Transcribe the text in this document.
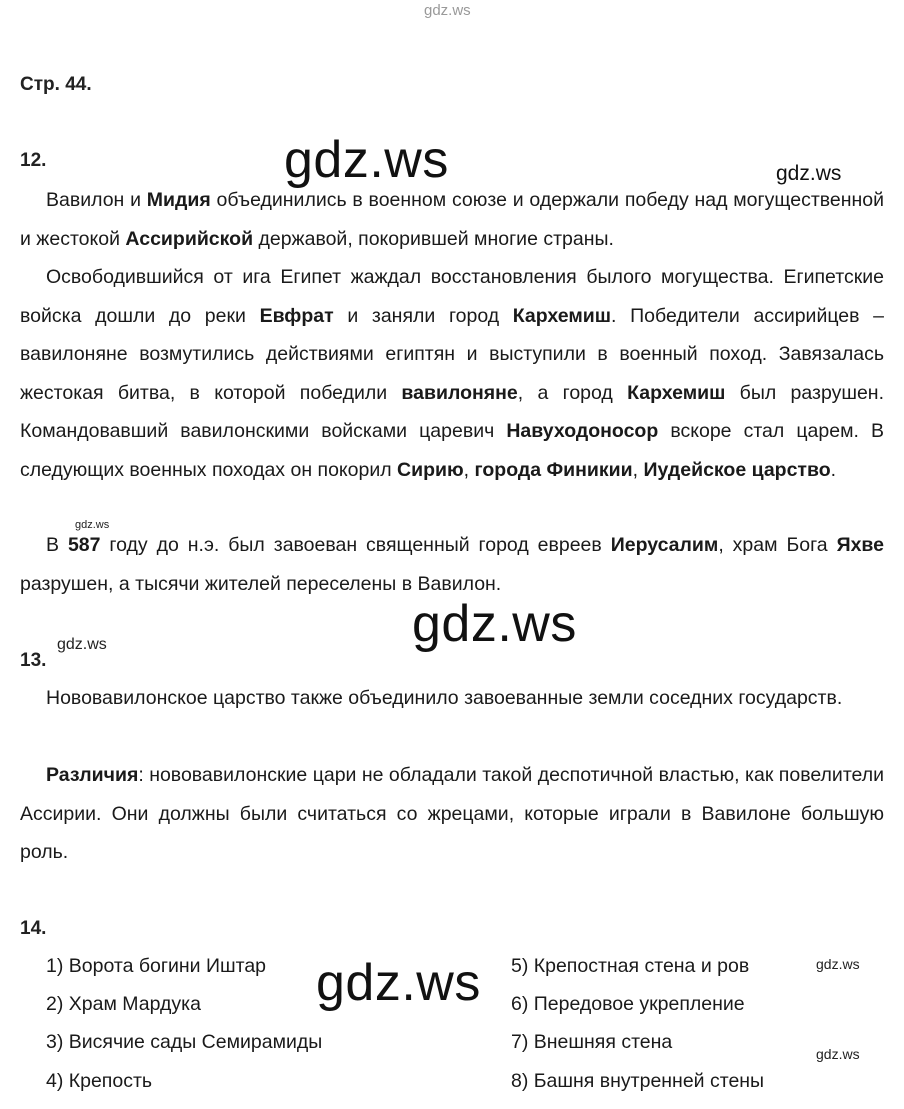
gdz.ws
Стр. 44.
12.	gdz.ws	gdz.ws

Вавилон и Мидия объединились в военном союзе и одержали победу над могущественной и жестокой Ассирийской державой, покорившей многие страны.

Освободившийся от ига Египет жаждал восстановления былого могущества. Египетские войска дошли до реки Евфрат и заняли город Кархемиш. Победители ассирийцев – вавилоняне возмутились действиями египтян и выступили в военный поход. Завязалась жестокая битва, в которой победили вавилоняне, а город Кархемиш был разрушен. Командовавший вавилонскими войсками царевич Навуходоносор вскоре стал царем. В следующих военных походах он покорил Сирию, города Финикии, Иудейское царство.

gdz.ws

В 587 году до н.э. был завоеван священный город евреев Иерусалим, храм Бога Яхве разрушен, а тысячи жителей переселены в Вавилон.

gdz.ws
gdz.ws
13.

Нововавилонское царство также объединило завоеванные земли соседних государств.

Различия: нововавилонские цари не обладали такой деспотичной властью, как повелители Ассирии. Они должны были считаться со жрецами, которые играли в Вавилоне большую роль.

14.
1) Ворота богини Иштар
2) Храм Мардука
3) Висячие сады Семирамиды
4) Крепость
5) Крепостная стена и ров
6) Передовое укрепление
7) Внешняя стена
8) Башня внутренней стены
gdz.ws	gdz.ws
gdz.ws
